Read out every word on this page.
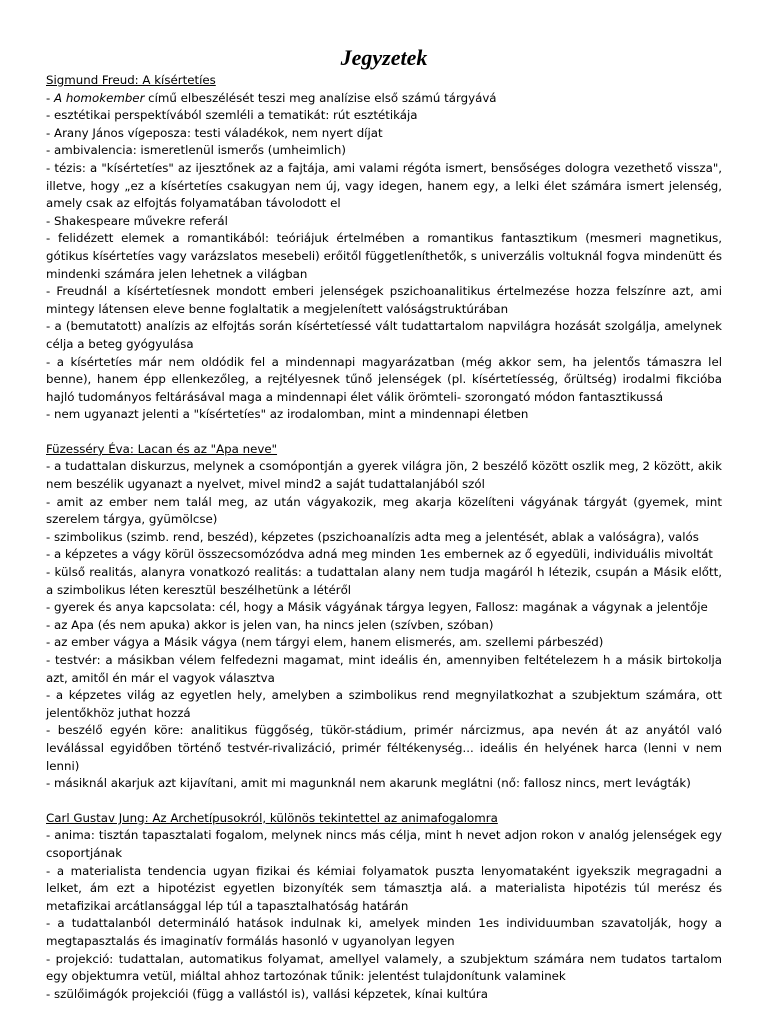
Jegyzetek

Sigmund Freud: A kísértetíes

- A homokember című elbeszélését teszi meg analízise első számú tárgyává

- esztétikai perspektívából szemléli a tematikát: rút esztétikája

- Arany János vígeposza: testi váladékok, nem nyert díjat

- ambivalencia: ismeretlenül ismerős (umheimlich)

- tézis: a "kísértetíes" az ijesztőnek az a fajtája, ami valami régóta ismert, bensőséges dologra vezethető vissza", illetve, hogy „ez a kísértetíes csakugyan nem új, vagy idegen, hanem egy, a lelki élet számára ismert jelenség, amely csak az elfojtás folyamatában távolodott el

- Shakespeare művekre referál

- felidézett elemek a romantikából: teóriájuk értelmében a romantikus fantasztikum (mesmeri magnetikus, gótikus kísértetíes vagy varázslatos mesebeli) erőitől függetleníthetők, s univerzális voltuknál fogva mindenütt és mindenki számára jelen lehetnek a világban

- Freudnál a kísértetíesnek mondott emberi jelenségek pszichoanalitikus értelmezése hozza felszínre azt, ami mintegy látensen eleve benne foglaltatik a megjelenített valóságstruktúrában

- a (bemutatott) analízis az elfojtás során kísértetíessé vált tudattartalom napvilágra hozását szolgálja, amelynek célja a beteg gyógyulása

- a kísértetíes már nem oldódik fel a mindennapi magyarázatban (még akkor sem, ha jelentős támaszra lel benne), hanem épp ellenkezőleg, a rejtélyesnek tűnő jelenségek (pl. kísértetíesség, őrültség) irodalmi fikcióba hajló tudományos feltárásával maga a mindennapi élet válik örömteli- szorongató módon fantasztikussá

- nem ugyanazt jelenti a "kísértetíes" az irodalomban, mint a mindennapi életben

Füzesséry Éva: Lacan és az "Apa neve"

- a tudattalan diskurzus, melynek a csomópontján a gyerek világra jön, 2 beszélő között oszlik meg, 2 között, akik nem beszélik ugyanazt a nyelvet, mivel mind2 a saját tudattalanjából szól

- amit az ember nem talál meg, az után vágyakozik, meg akarja közelíteni vágyának tárgyát (gyemek, mint szerelem tárgya, gyümölcse)

- szimbolikus (szimb. rend, beszéd), képzetes (pszichoanalízis adta meg a jelentését, ablak a valóságra), valós

- a képzetes a vágy körül összecsomózódva adná meg minden 1es embernek az ő egyedüli, individuális mivoltát

- külső realitás, alanyra vonatkozó realitás: a tudattalan alany nem tudja magáról h létezik, csupán a Másik előtt, a szimbolikus léten keresztül beszélhetünk a létéről

- gyerek és anya kapcsolata: cél, hogy a Másik vágyának tárgya legyen, Fallosz: magának a vágynak a jelentője

- az Apa (és nem apuka) akkor is jelen van, ha nincs jelen (szívben, szóban)

- az ember vágya a Másik vágya (nem tárgyi elem, hanem elismerés, am. szellemi párbeszéd)

- testvér: a másikban vélem felfedezni magamat, mint ideális én, amennyiben feltételezem h a másik birtokolja azt, amitől én már el vagyok választva

- a képzetes világ az egyetlen hely, amelyben a szimbolikus rend megnyilatkozhat a szubjektum számára, ott jelentőkhöz juthat hozzá

- beszélő egyén köre: analitikus függőség, tükör-stádium, primér nárcizmus, apa nevén át az anyától való leválással egyidőben történő testvér-rivalizáció, primér féltékenység... ideális én helyének harca (lenni v nem lenni)

- másiknál akarjuk azt kijavítani, amit mi magunknál nem akarunk meglátni (nő: fallosz nincs, mert levágták)

Carl Gustav Jung: Az Archetípusokról, különös tekintettel az animafogalomra

- anima: tisztán tapasztalati fogalom, melynek nincs más célja, mint h nevet adjon rokon v analóg jelenségek egy csoportjának

- a materialista tendencia ugyan fizikai és kémiai folyamatok puszta lenyomataként igyekszik megragadni a lelket, ám ezt a hipotézist egyetlen bizonyíték sem támasztja alá. a materialista hipotézis túl merész és metafizikai arcátlansággal lép túl a tapasztalhatóság határán

- a tudattalanból determináló hatások indulnak ki, amelyek minden 1es individuumban szavatolják, hogy a megtapasztalás és imaginatív formálás hasonló v ugyanolyan legyen

- projekció: tudattalan, automatikus folyamat, amellyel valamely, a szubjektum számára nem tudatos tartalom egy objektumra vetül, miáltal ahhoz tartozónak tűnik: jelentést tulajdonítunk valaminek

- szülőimágók projekciói (függ a vallástól is), vallási képzetek, kínai kultúra
